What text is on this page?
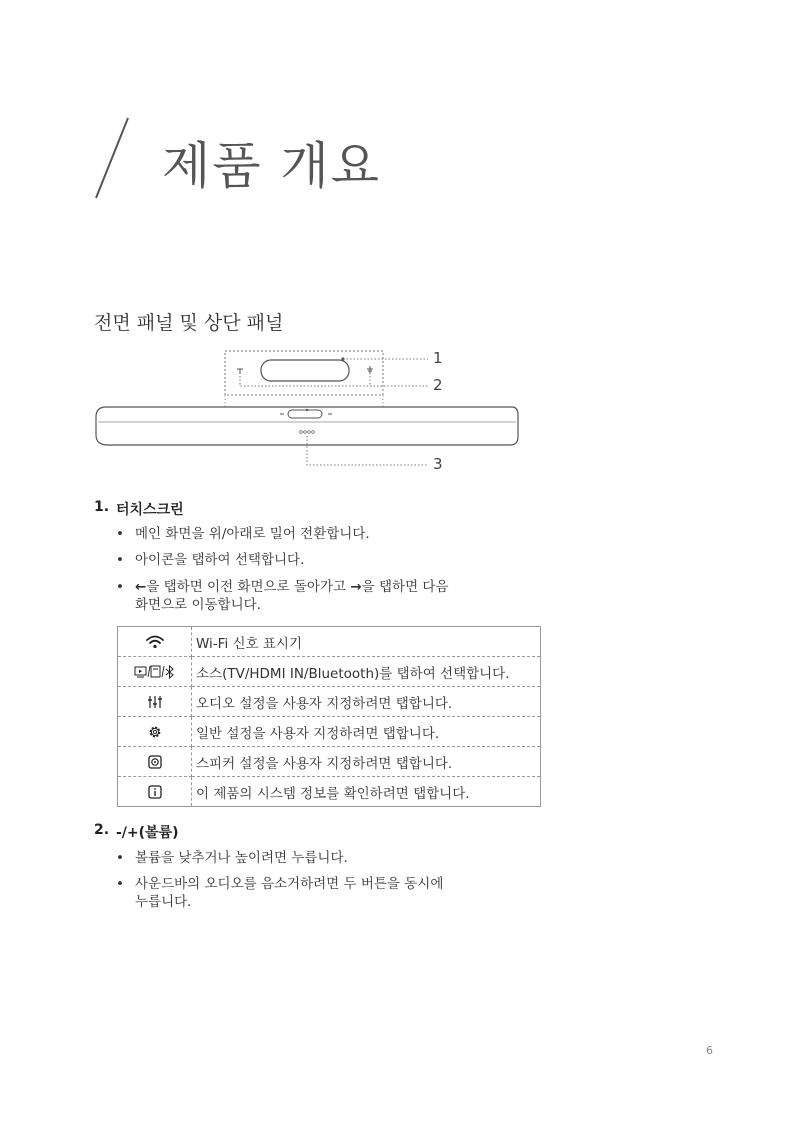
제품 개요
전면 패널 및 상단 패널
1
2
3
1. 터치스크린
• 메인 화면을 위/아래로 밀어 전환합니다.
• 아이콘을 탭하여 선택합니다.
• ←을 탭하면 이전 화면으로 돌아가고 →을 탭하면 다음
화면으로 이동합니다.
	Wi-Fi 신호 표시기
	소스(TV/HDMI IN/Bluetooth)를 탭하여 선택합니다.
	오디오 설정을 사용자 지정하려면 탭합니다.
	일반 설정을 사용자 지정하려면 탭합니다.
	스피커 설정을 사용자 지정하려면 탭합니다.
	이 제품의 시스템 정보를 확인하려면 탭합니다.
2. -/+(볼륨)
• 볼륨을 낮추거나 높이려면 누릅니다.
• 사운드바의 오디오를 음소거하려면 두 버튼을 동시에
누릅니다.
6
